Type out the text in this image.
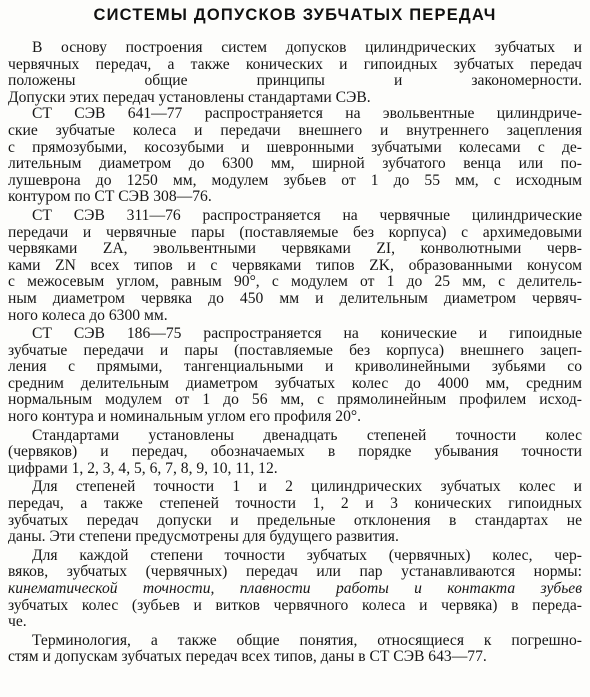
СИСТЕМЫ ДОПУСКОВ ЗУБЧАТЫХ ПЕРЕДАЧ
В основу построения систем допусков цилиндрических зубчатых и
червячных передач, а также конических и гипоидных зубчатых передач
положены общие принципы и закономерности.
Допуски этих передач установлены стандартами СЭВ.
СТ СЭВ 641—77 распространяется на эвольвентные цилиндриче-
ские зубчатые колеса и передачи внешнего и внутреннего зацепления
с прямозубыми, косозубыми и шевронными зубчатыми колесами с де-
лительным диаметром до 6300 мм, ширной зубчатого венца или по-
лушеврона до 1250 мм, модулем зубьев от 1 до 55 мм, с исходным
контуром по СТ СЭВ 308—76.
СТ СЭВ 311—76 распространяется на червячные цилиндрические
передачи и червячные пары (поставляемые без корпуса) с архимедовыми
червяками ZA, эвольвентными червяками ZI, конволютными черв-
ками ZN всех типов и с червяками типов ZK, образованными конусом
с межосевым углом, равным 90°, с модулем от 1 до 25 мм, с делитель-
ным диаметром червяка до 450 мм и делительным диаметром червяч-
ного колеса до 6300 мм.
СТ СЭВ 186—75 распространяется на конические и гипоидные
зубчатые передачи и пары (поставляемые без корпуса) внешнего зацеп-
ления с прямыми, тангенциальными и криволинейными зубьями со
средним делительным диаметром зубчатых колес до 4000 мм, средним
нормальным модулем от 1 до 56 мм, с прямолинейным профилем исход-
ного контура и номинальным углом его профиля 20°.
Стандартами установлены двенадцать степеней точности колес
(червяков) и передач, обозначаемых в порядке убывания точности
цифрами 1, 2, 3, 4, 5, 6, 7, 8, 9, 10, 11, 12.
Для степеней точности 1 и 2 цилиндрических зубчатых колес и
передач, а также степеней точности 1, 2 и 3 конических гипоидных
зубчатых передач допуски и предельные отклонения в стандартах не
даны. Эти степени предусмотрены для будущего развития.
Для каждой степени точности зубчатых (червячных) колес, чер-
вяков, зубчатых (червячных) передач или пар устанавливаются нормы:
кинематической точности, плавности работы и контакта зубьев
зубчатых колес (зубьев и витков червячного колеса и червяка) в переда-
че.
Терминология, а также общие понятия, относящиеся к погрешно-
стям и допускам зубчатых передач всех типов, даны в СТ СЭВ 643—77.
